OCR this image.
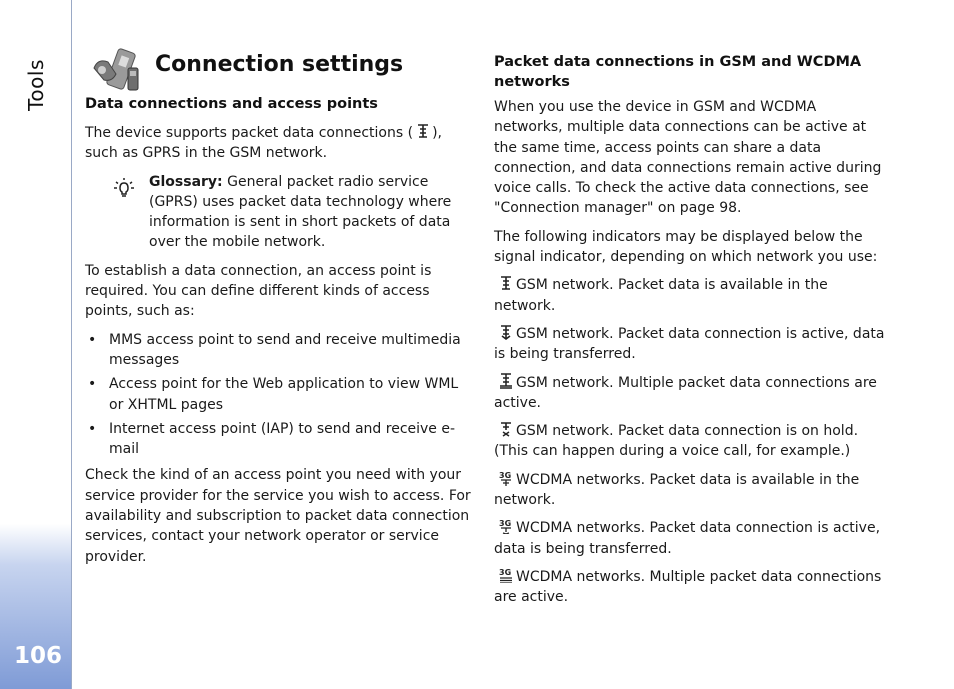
Tools
106
Connection settings
Data connections and access points

The device supports packet data connections ( ), such as GPRS in the GSM network.

Glossary: General packet radio service (GPRS) uses packet data technology where information is sent in short packets of data over the mobile network.

To establish a data connection, an access point is required. You can define different kinds of access points, such as:

• MMS access point to send and receive multimedia messages
• Access point for the Web application to view WML or XHTML pages
• Internet access point (IAP) to send and receive e-mail

Check the kind of an access point you need with your service provider for the service you wish to access. For availability and subscription to packet data connection services, contact your network operator or service provider.

Packet data connections in GSM and WCDMA networks

When you use the device in GSM and WCDMA networks, multiple data connections can be active at the same time, access points can share a data connection, and data connections remain active during voice calls. To check the active data connections, see "Connection manager" on page 98.

The following indicators may be displayed below the signal indicator, depending on which network you use:

GSM network. Packet data is available in the network.

GSM network. Packet data connection is active, data is being transferred.

GSM network. Multiple packet data connections are active.

GSM network. Packet data connection is on hold. (This can happen during a voice call, for example.)

3G WCDMA networks. Packet data is available in the network.

3G WCDMA networks. Packet data connection is active, data is being transferred.

3G WCDMA networks. Multiple packet data connections are active.
